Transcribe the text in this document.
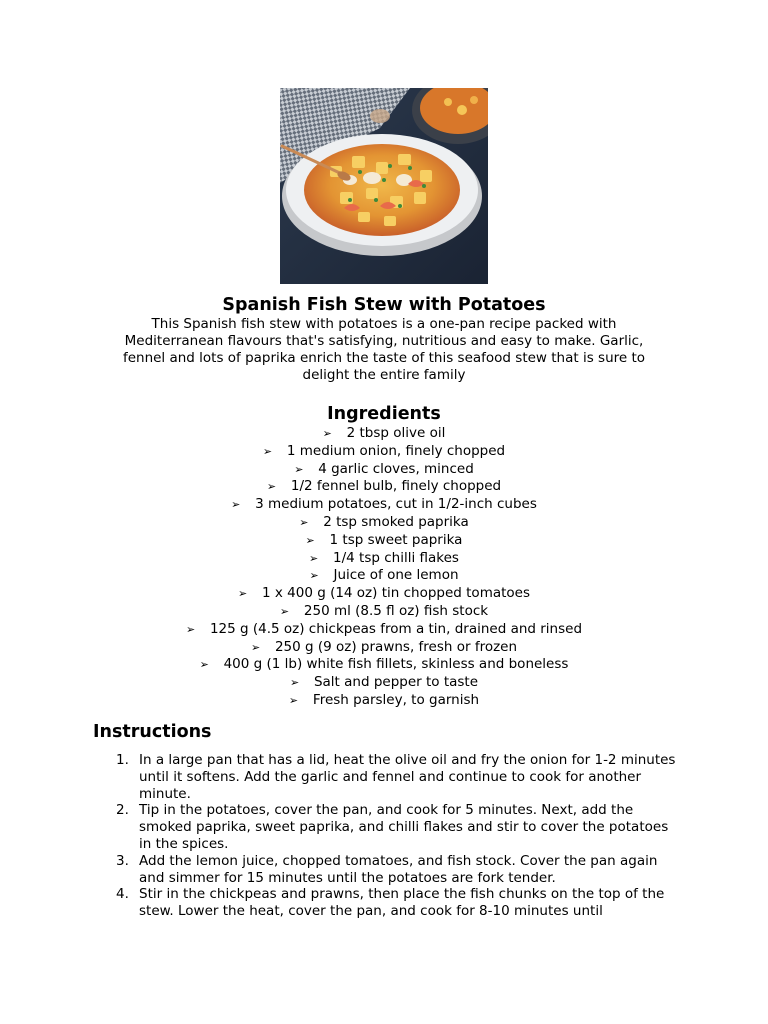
Spanish Fish Stew with Potatoes
This Spanish fish stew with potatoes is a one-pan recipe packed with Mediterranean flavours that's satisfying, nutritious and easy to make. Garlic, fennel and lots of paprika enrich the taste of this seafood stew that is sure to delight the entire family
Ingredients
➢ 2 tbsp olive oil
➢ 1 medium onion, finely chopped
➢ 4 garlic cloves, minced
➢ 1/2 fennel bulb, finely chopped
➢ 3 medium potatoes, cut in 1/2-inch cubes
➢ 2 tsp smoked paprika
➢ 1 tsp sweet paprika
➢ 1/4 tsp chilli flakes
➢ Juice of one lemon
➢ 1 x 400 g (14 oz) tin chopped tomatoes
➢ 250 ml (8.5 fl oz) fish stock
➢ 125 g (4.5 oz) chickpeas from a tin, drained and rinsed
➢ 250 g (9 oz) prawns, fresh or frozen
➢ 400 g (1 lb) white fish fillets, skinless and boneless
➢ Salt and pepper to taste
➢ Fresh parsley, to garnish
Instructions
1. In a large pan that has a lid, heat the olive oil and fry the onion for 1-2 minutes until it softens. Add the garlic and fennel and continue to cook for another minute.
2. Tip in the potatoes, cover the pan, and cook for 5 minutes. Next, add the smoked paprika, sweet paprika, and chilli flakes and stir to cover the potatoes in the spices.
3. Add the lemon juice, chopped tomatoes, and fish stock. Cover the pan again and simmer for 15 minutes until the potatoes are fork tender.
4. Stir in the chickpeas and prawns, then place the fish chunks on the top of the stew. Lower the heat, cover the pan, and cook for 8-10 minutes until
